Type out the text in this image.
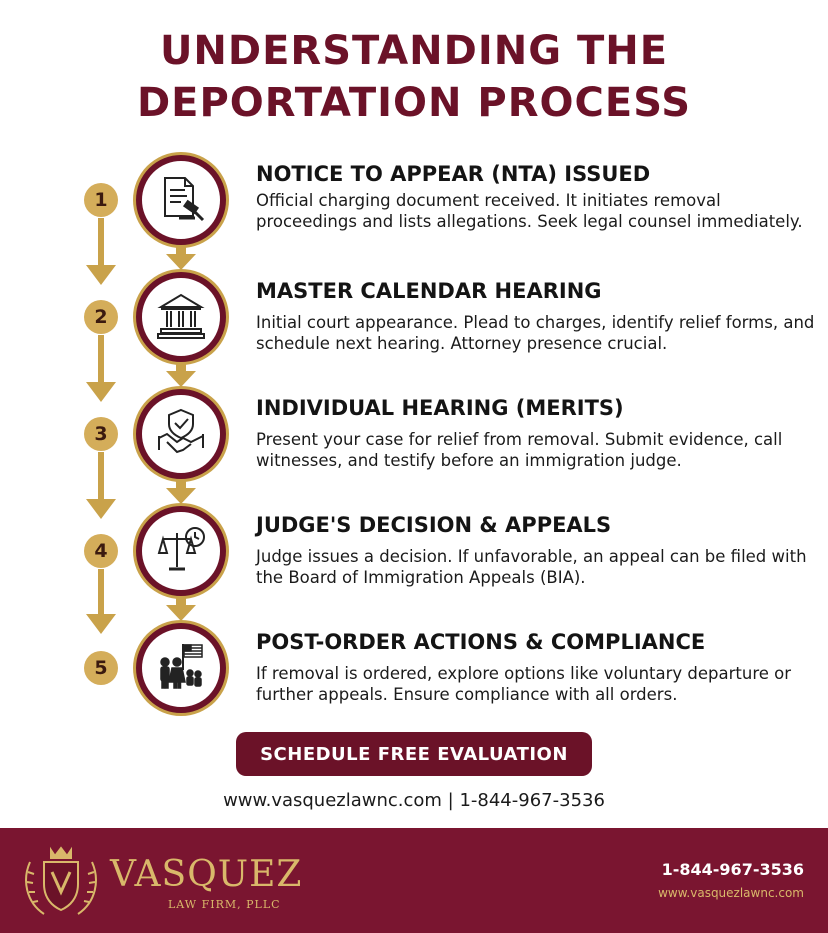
UNDERSTANDING THE
DEPORTATION PROCESS
1
NOTICE TO APPEAR (NTA) ISSUED
Official charging document received. It initiates removal proceedings and lists allegations. Seek legal counsel immediately.
2
MASTER CALENDAR HEARING
Initial court appearance. Plead to charges, identify relief forms, and schedule next hearing. Attorney presence crucial.
3
INDIVIDUAL HEARING (MERITS)
Present your case for relief from removal. Submit evidence, call witnesses, and testify before an immigration judge.
4
JUDGE'S DECISION & APPEALS
Judge issues a decision. If unfavorable, an appeal can be filed with the Board of Immigration Appeals (BIA).
5
POST-ORDER ACTIONS & COMPLIANCE
If removal is ordered, explore options like voluntary departure or further appeals. Ensure compliance with all orders.
SCHEDULE FREE EVALUATION
www.vasquezlawnc.com | 1-844-967-3536
VASQUEZ
LAW FIRM, PLLC
1-844-967-3536
www.vasquezlawnc.com
